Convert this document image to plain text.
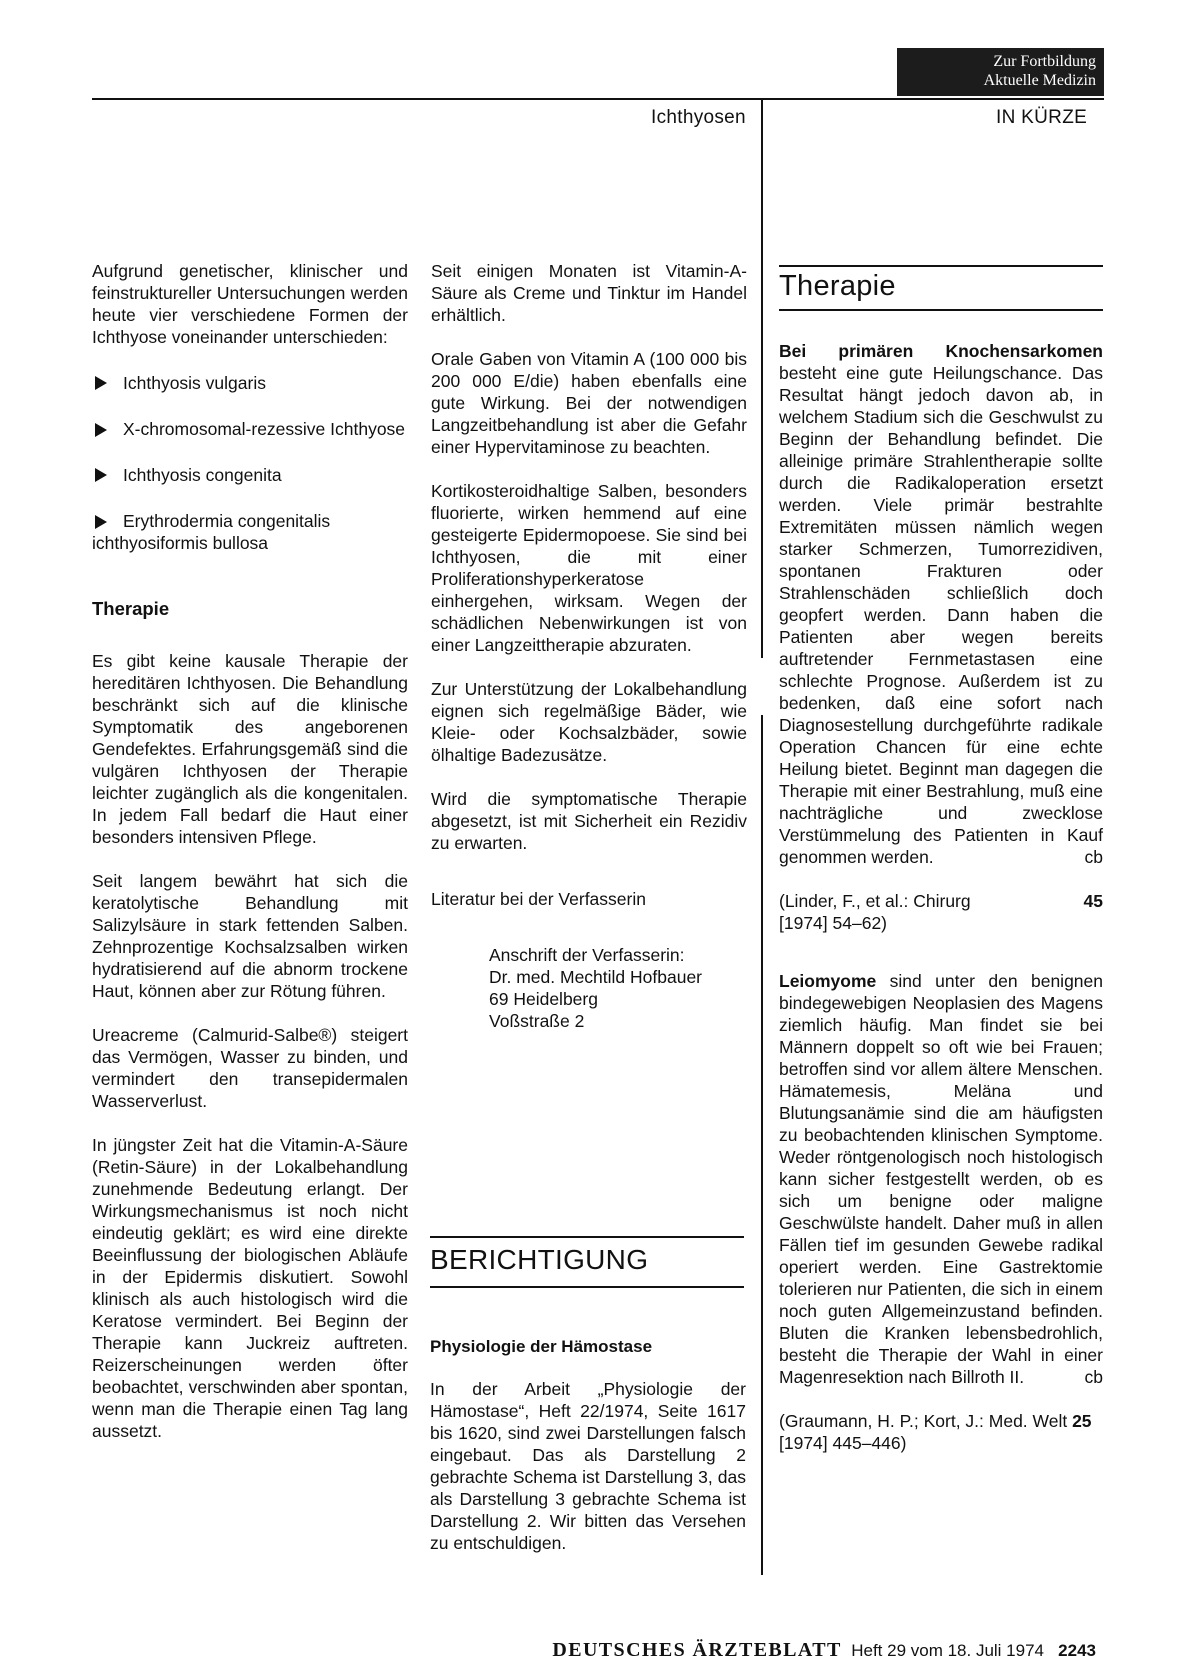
Zur Fortbildung
Aktuelle Medizin
Ichthyosen	IN KÜRZE

Aufgrund genetischer, klinischer und feinstruktureller Untersuchungen werden heute vier verschiedene Formen der Ichthyose voneinander unterschieden:

Ichthyosis vulgaris
X-chromosomal-rezessive Ichthyose
Ichthyosis congenita
Erythrodermia congenitalis ichthyosiformis bullosa
Therapie

Es gibt keine kausale Therapie der hereditären Ichthyosen. Die Behandlung beschränkt sich auf die klinische Symptomatik des angeborenen Gendefektes. Erfahrungsgemäß sind die vulgären Ichthyosen der Therapie leichter zugänglich als die kongenitalen. In jedem Fall bedarf die Haut einer besonders intensiven Pflege.

Seit langem bewährt hat sich die keratolytische Behandlung mit Salizylsäure in stark fettenden Salben. Zehnprozentige Kochsalzsalben wirken hydratisierend auf die abnorm trockene Haut, können aber zur Rötung führen.

Ureacreme (Calmurid-Salbe®) steigert das Vermögen, Wasser zu binden, und vermindert den transepidermalen Wasserverlust.

In jüngster Zeit hat die Vitamin-A-Säure (Retin-Säure) in der Lokalbehandlung zunehmende Bedeutung erlangt. Der Wirkungsmechanismus ist noch nicht eindeutig geklärt; es wird eine direkte Beeinflussung der biologischen Abläufe in der Epidermis diskutiert. Sowohl klinisch als auch histologisch wird die Keratose vermindert. Bei Beginn der Therapie kann Juckreiz auftreten. Reizerscheinungen werden öfter beobachtet, verschwinden aber spontan, wenn man die Therapie einen Tag lang aussetzt.

Seit einigen Monaten ist Vitamin-A-Säure als Creme und Tinktur im Handel erhältlich.

Orale Gaben von Vitamin A (100 000 bis 200 000 E/die) haben ebenfalls eine gute Wirkung. Bei der notwendigen Langzeitbehandlung ist aber die Gefahr einer Hypervitaminose zu beachten.

Kortikosteroidhaltige Salben, besonders fluorierte, wirken hemmend auf eine gesteigerte Epidermopoese. Sie sind bei Ichthyosen, die mit einer Proliferationshyperkeratose einhergehen, wirksam. Wegen der schädlichen Nebenwirkungen ist von einer Langzeittherapie abzuraten.

Zur Unterstützung der Lokalbehandlung eignen sich regelmäßige Bäder, wie Kleie- oder Kochsalzbäder, sowie ölhaltige Badezusätze.

Wird die symptomatische Therapie abgesetzt, ist mit Sicherheit ein Rezidiv zu erwarten.

Literatur bei der Verfasserin

Anschrift der Verfasserin:
Dr. med. Mechtild Hofbauer
69 Heidelberg
Voßstraße 2
BERICHTIGUNG
Physiologie der Hämostase

In der Arbeit „Physiologie der Hämostase“, Heft 22/1974, Seite 1617 bis 1620, sind zwei Darstellungen falsch eingebaut. Das als Darstellung 2 gebrachte Schema ist Darstellung 3, das als Darstellung 3 gebrachte Schema ist Darstellung 2. Wir bitten das Versehen zu entschuldigen.

Therapie

Bei primären Knochensarkomen besteht eine gute Heilungschance. Das Resultat hängt jedoch davon ab, in welchem Stadium sich die Geschwulst zu Beginn der Behandlung befindet. Die alleinige primäre Strahlentherapie sollte durch die Radikaloperation ersetzt werden. Viele primär bestrahlte Extremitäten müssen nämlich wegen starker Schmerzen, Tumorrezidiven, spontanen Frakturen oder Strahlenschäden schließlich doch geopfert werden. Dann haben die Patienten aber wegen bereits auftretender Fernmetastasen eine schlechte Prognose. Außerdem ist zu bedenken, daß eine sofort nach Diagnosestellung durchgeführte radikale Operation Chancen für eine echte Heilung bietet. Beginnt man dagegen die Therapie mit einer Bestrahlung, muß eine nachträgliche und zwecklose Verstümmelung des Patienten in Kauf genommen werden.	cb

(Linder, F., et al.: Chirurg	45

[1974] 54–62)

Leiomyome sind unter den benignen bindegewebigen Neoplasien des Magens ziemlich häufig. Man findet sie bei Männern doppelt so oft wie bei Frauen; betroffen sind vor allem ältere Menschen. Hämatemesis, Meläna und Blutungsanämie sind die am häufigsten zu beobachtenden klinischen Symptome. Weder röntgenologisch noch histologisch kann sicher festgestellt werden, ob es sich um benigne oder maligne Geschwülste handelt. Daher muß in allen Fällen tief im gesunden Gewebe radikal operiert werden. Eine Gastrektomie tolerieren nur Patienten, die sich in einem noch guten Allgemeinzustand befinden. Bluten die Kranken lebensbedrohlich, besteht die Therapie der Wahl in einer Magenresektion nach Billroth II.	cb

(Graumann, H. P.; Kort, J.: Med. Welt 25 [1974] 445–446)

DEUTSCHES ÄRZTEBLATT Heft 29 vom 18. Juli 1974 2243
